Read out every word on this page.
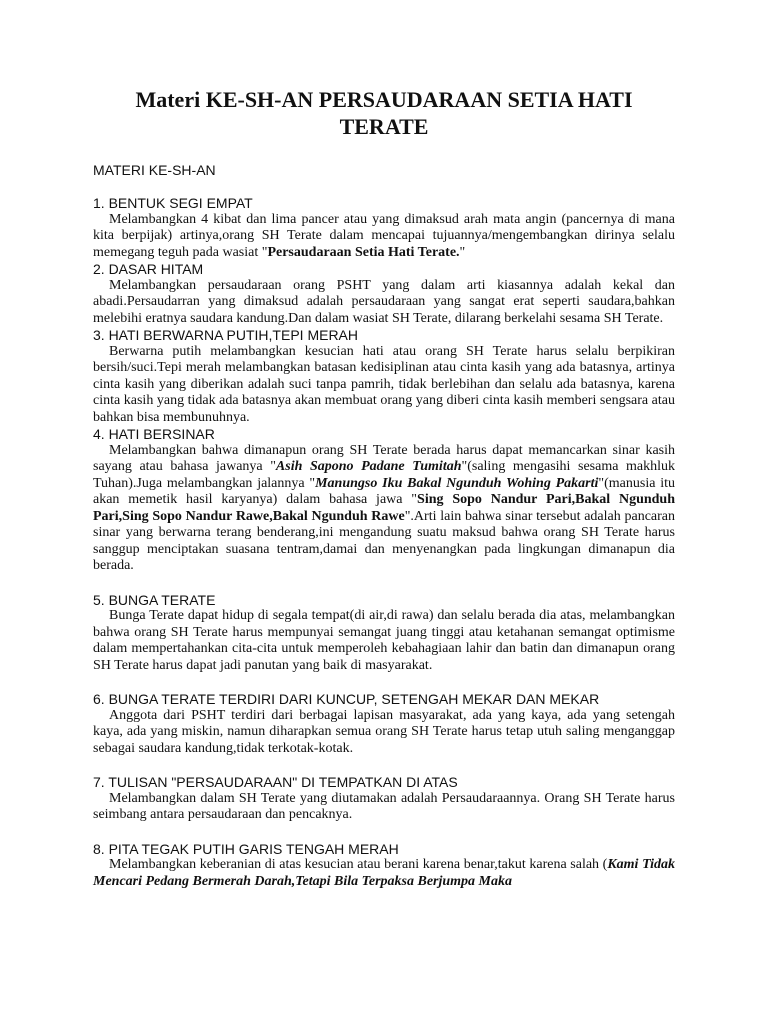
Materi KE-SH-AN PERSAUDARAAN SETIA HATI TERATE
MATERI KE-SH-AN
1. BENTUK SEGI EMPAT

Melambangkan 4 kibat dan lima pancer atau yang dimaksud arah mata angin (pancernya di mana kita berpijak) artinya,orang SH Terate dalam mencapai tujuannya/mengembangkan dirinya selalu memegang teguh pada wasiat "Persaudaraan Setia Hati Terate."

2. DASAR HITAM

Melambangkan persaudaraan orang PSHT yang dalam arti kiasannya adalah kekal dan abadi.Persaudarran yang dimaksud adalah persaudaraan yang sangat erat seperti saudara,bahkan melebihi eratnya saudara kandung.Dan dalam wasiat SH Terate, dilarang berkelahi sesama SH Terate.

3. HATI BERWARNA PUTIH,TEPI MERAH

Berwarna putih melambangkan kesucian hati atau orang SH Terate harus selalu berpikiran bersih/suci.Tepi merah melambangkan batasan kedisiplinan atau cinta kasih yang ada batasnya, artinya cinta kasih yang diberikan adalah suci tanpa pamrih, tidak berlebihan dan selalu ada batasnya, karena cinta kasih yang tidak ada batasnya akan membuat orang yang diberi cinta kasih memberi sengsara atau bahkan bisa membunuhnya.

4. HATI BERSINAR

Melambangkan bahwa dimanapun orang SH Terate berada harus dapat memancarkan sinar kasih sayang atau bahasa jawanya "Asih Sapono Padane Tumitah"(saling mengasihi sesama makhluk Tuhan).Juga melambangkan jalannya "Manungso Iku Bakal Ngunduh Wohing Pakarti"(manusia itu akan memetik hasil karyanya) dalam bahasa jawa "Sing Sopo Nandur Pari,Bakal Ngunduh Pari,Sing Sopo Nandur Rawe,Bakal Ngunduh Rawe".Arti lain bahwa sinar tersebut adalah pancaran sinar yang berwarna terang benderang,ini mengandung suatu maksud bahwa orang SH Terate harus sanggup menciptakan suasana tentram,damai dan menyenangkan pada lingkungan dimanapun dia berada.

5. BUNGA TERATE

Bunga Terate dapat hidup di segala tempat(di air,di rawa) dan selalu berada dia atas, melambangkan bahwa orang SH Terate harus mempunyai semangat juang tinggi atau ketahanan semangat optimisme dalam mempertahankan cita-cita untuk memperoleh kebahagiaan lahir dan batin dan dimanapun orang SH Terate harus dapat jadi panutan yang baik di masyarakat.

6. BUNGA TERATE TERDIRI DARI KUNCUP, SETENGAH MEKAR DAN MEKAR

Anggota dari PSHT terdiri dari berbagai lapisan masyarakat, ada yang kaya, ada yang setengah kaya, ada yang miskin, namun diharapkan semua orang SH Terate harus tetap utuh saling menganggap sebagai saudara kandung,tidak terkotak-kotak.

7. TULISAN "PERSAUDARAAN" DI TEMPATKAN DI ATAS

Melambangkan dalam SH Terate yang diutamakan adalah Persaudaraannya. Orang SH Terate harus seimbang antara persaudaraan dan pencaknya.

8. PITA TEGAK PUTIH GARIS TENGAH MERAH

Melambangkan keberanian di atas kesucian atau berani karena benar,takut karena salah (Kami Tidak Mencari Pedang Bermerah Darah,Tetapi Bila Terpaksa Berjumpa Maka
